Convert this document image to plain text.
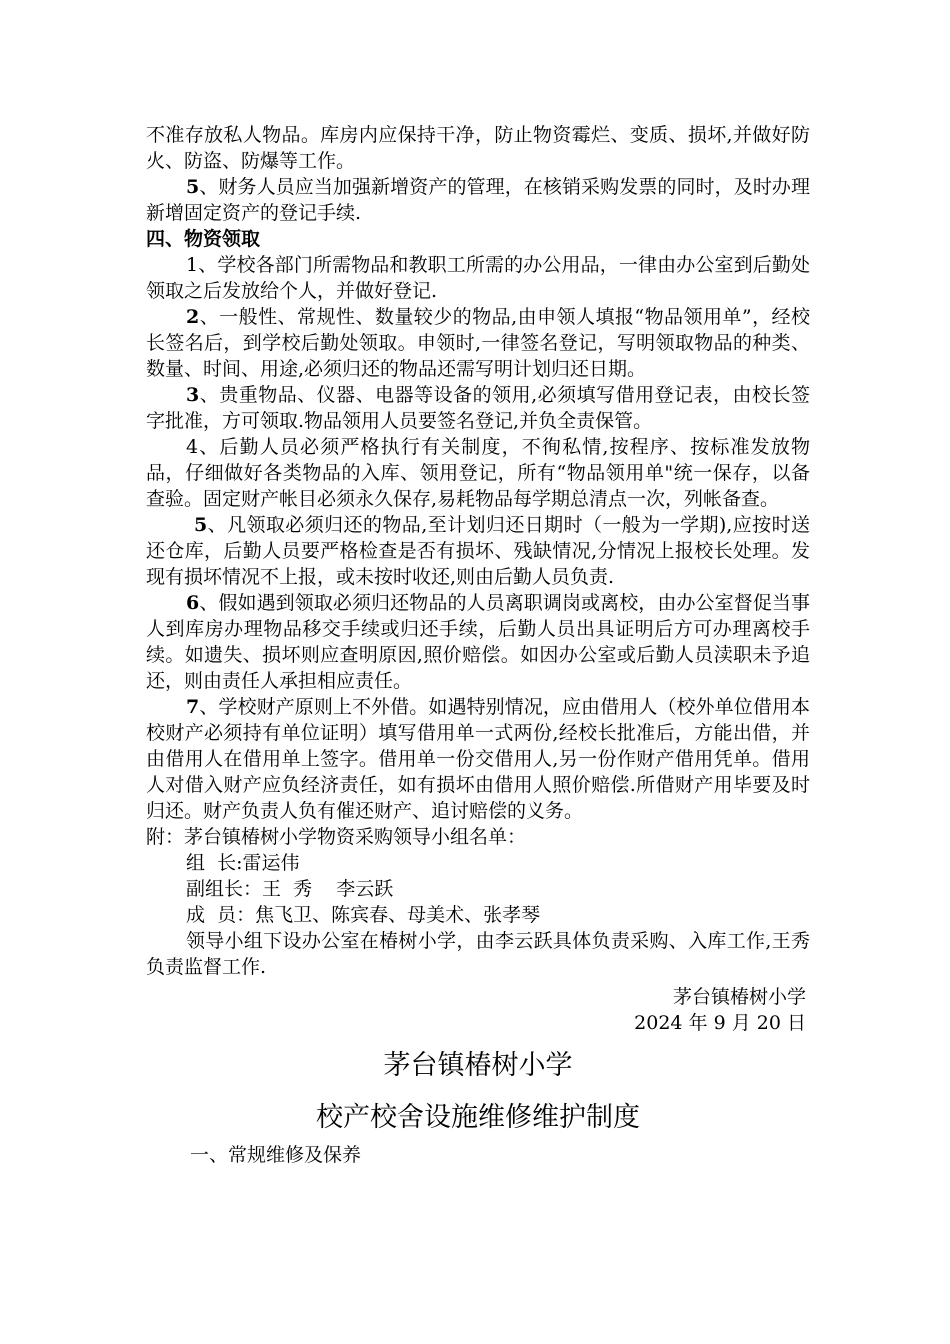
不准存放私人物品。库房内应保持干净，防止物资霉烂、变质、损坏,并做好防火、防盗、防爆等工作。

5、财务人员应当加强新增资产的管理，在核销采购发票的同时，及时办理新增固定资产的登记手续.

四、物资领取

1、学校各部门所需物品和教职工所需的办公用品，一律由办公室到后勤处领取之后发放给个人，并做好登记.

2、一般性、常规性、数量较少的物品,由申领人填报“物品领用单”，经校长签名后，到学校后勤处领取。申领时,一律签名登记，写明领取物品的种类、数量、时间、用途,必须归还的物品还需写明计划归还日期。

3、贵重物品、仪器、电器等设备的领用,必须填写借用登记表，由校长签字批准，方可领取.物品领用人员要签名登记,并负全责保管。

4、后勤人员必须严格执行有关制度，不徇私情,按程序、按标准发放物品，仔细做好各类物品的入库、领用登记，所有“物品领用单"统一保存，以备查验。固定财产帐目必须永久保存,易耗物品每学期总清点一次，列帐备查。

5、凡领取必须归还的物品,至计划归还日期时（一般为一学期),应按时送还仓库，后勤人员要严格检查是否有损坏、残缺情况,分情况上报校长处理。发现有损坏情况不上报，或未按时收还,则由后勤人员负责.

6、假如遇到领取必须归还物品的人员离职调岗或离校，由办公室督促当事人到库房办理物品移交手续或归还手续，后勤人员出具证明后方可办理离校手续。如遗失、损坏则应查明原因,照价赔偿。如因办公室或后勤人员渎职未予追还，则由责任人承担相应责任。

7、学校财产原则上不外借。如遇特别情况，应由借用人（校外单位借用本校财产必须持有单位证明）填写借用单一式两份,经校长批准后，方能出借，并由借用人在借用单上签字。借用单一份交借用人,另一份作财产借用凭单。借用人对借入财产应负经济责任，如有损坏由借用人照价赔偿.所借财产用毕要及时归还。财产负责人负有催还财产、追讨赔偿的义务。

附：茅台镇椿树小学物资采购领导小组名单：

组  长:雷运伟

副组长：王  秀    李云跃

成  员：焦飞卫、陈宾春、母美术、张孝琴

领导小组下设办公室在椿树小学，由李云跃具体负责采购、入库工作,王秀负责监督工作.

茅台镇椿树小学

2024 年 9 月 20 日

茅台镇椿树小学

校产校舍设施维修维护制度

一、常规维修及保养
